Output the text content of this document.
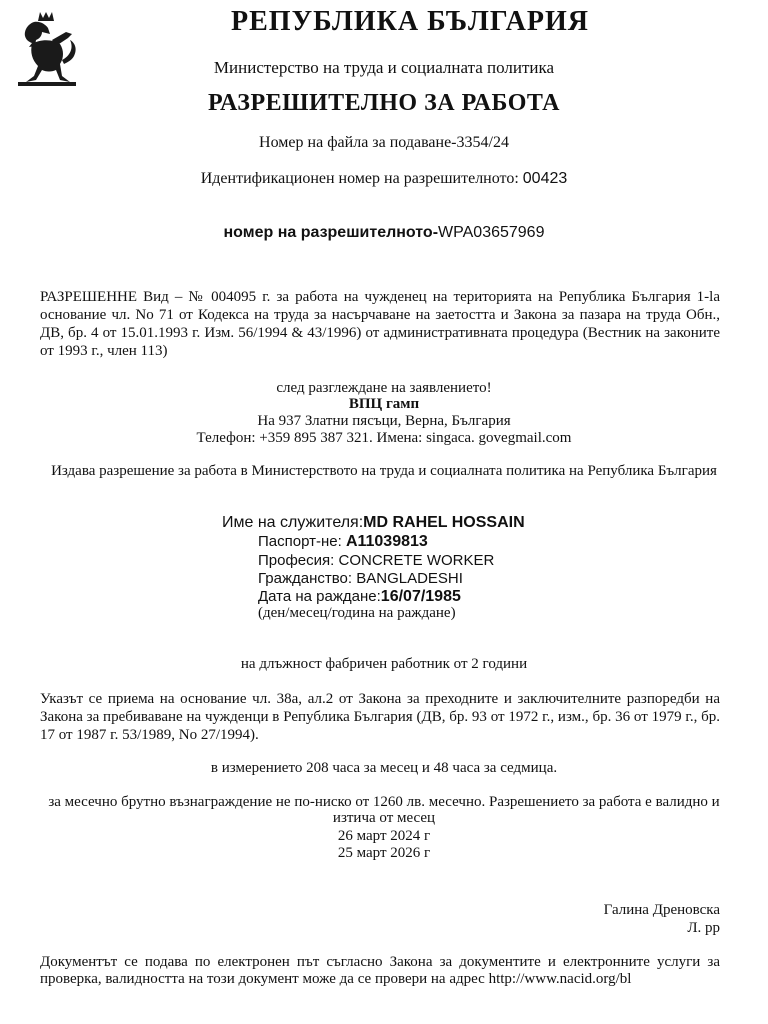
РЕПУБЛИКА БЪЛГАРИЯ
Министерство на труда и социалната политика
РАЗРЕШИТЕЛНО ЗА РАБОТА
Номер на файла за подаване-3354/24
Идентификационен номер на разрешителното: 00423
номер на разрешителното-WPA03657969
РАЗРЕШЕННЕ Вид – № 004095 г. за работа на чужденец на територията на Република България 1-lа основание чл. No 71 от Кодекса на труда за насърчаване на заетостта и Закона за пазара на труда Обн., ДВ, бр. 4 от 15.01.1993 г. Изм. 56/1994 & 43/1996) от административната процедура (Вестник на законите от 1993 г., член 113)
след разглеждане на заявлението!
ВПЦ гамп
На 937 Златни пясъци, Верна, България
Телефон: +359 895 387 321. Имена: singaca. govegmail.com
Издава разрешение за работа в Министерството на труда и социалната политика на Република България
Име на служителя:MD RAHEL HOSSAIN
Паспорт-не: A11039813
Професия: CONCRETE WORKER
Гражданство: BANGLADESHI
Дата на раждане:16/07/1985
(ден/месец/година на раждане)
на длъжност фабричен работник от 2 години
Указът се приема на основание чл. 38а, ал.2 от Закона за преходните и заключителните разпоредби на Закона за пребиваване на чужденци в Република България (ДВ, бр. 93 от 1972 г., изм., бр. 36 от 1979 г., бр. 17 от 1987 г. 53/1989, No 27/1994).
в измерението 208 часа за месец и 48 часа за седмица.
за месечно брутно възнаграждение не по-ниско от 1260 лв. месечно. Разрешението за работа е валидно и изтича от месец
26 март 2024 г
25 март 2026 г
Галина Дреновска
Л. рр
Документът се подава по електронен път съгласно Закона за документите и електронните услуги за проверка, валидността на този документ може да се провери на адрес http://www.nacid.org/bl
